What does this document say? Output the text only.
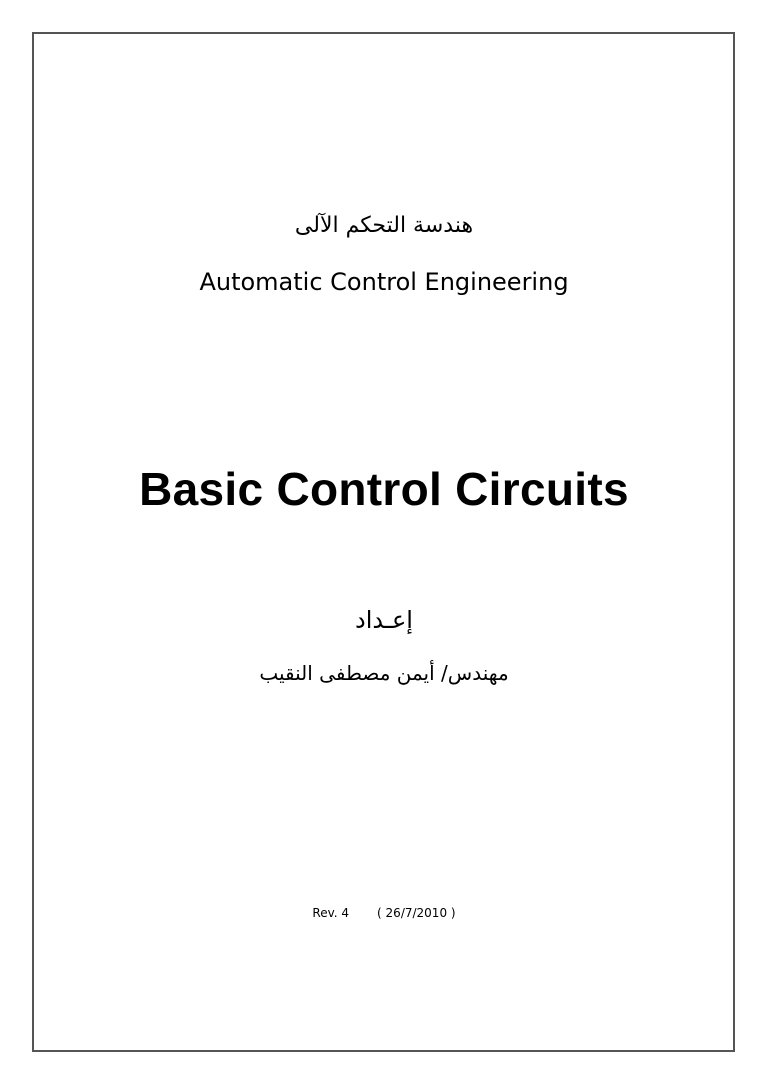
هندسة التحكم الآلى
Automatic Control Engineering
Basic Control Circuits
إعـداد
مهندس/ أيمن مصطفى النقيب
Rev. 4 ( 26/7/2010 )
